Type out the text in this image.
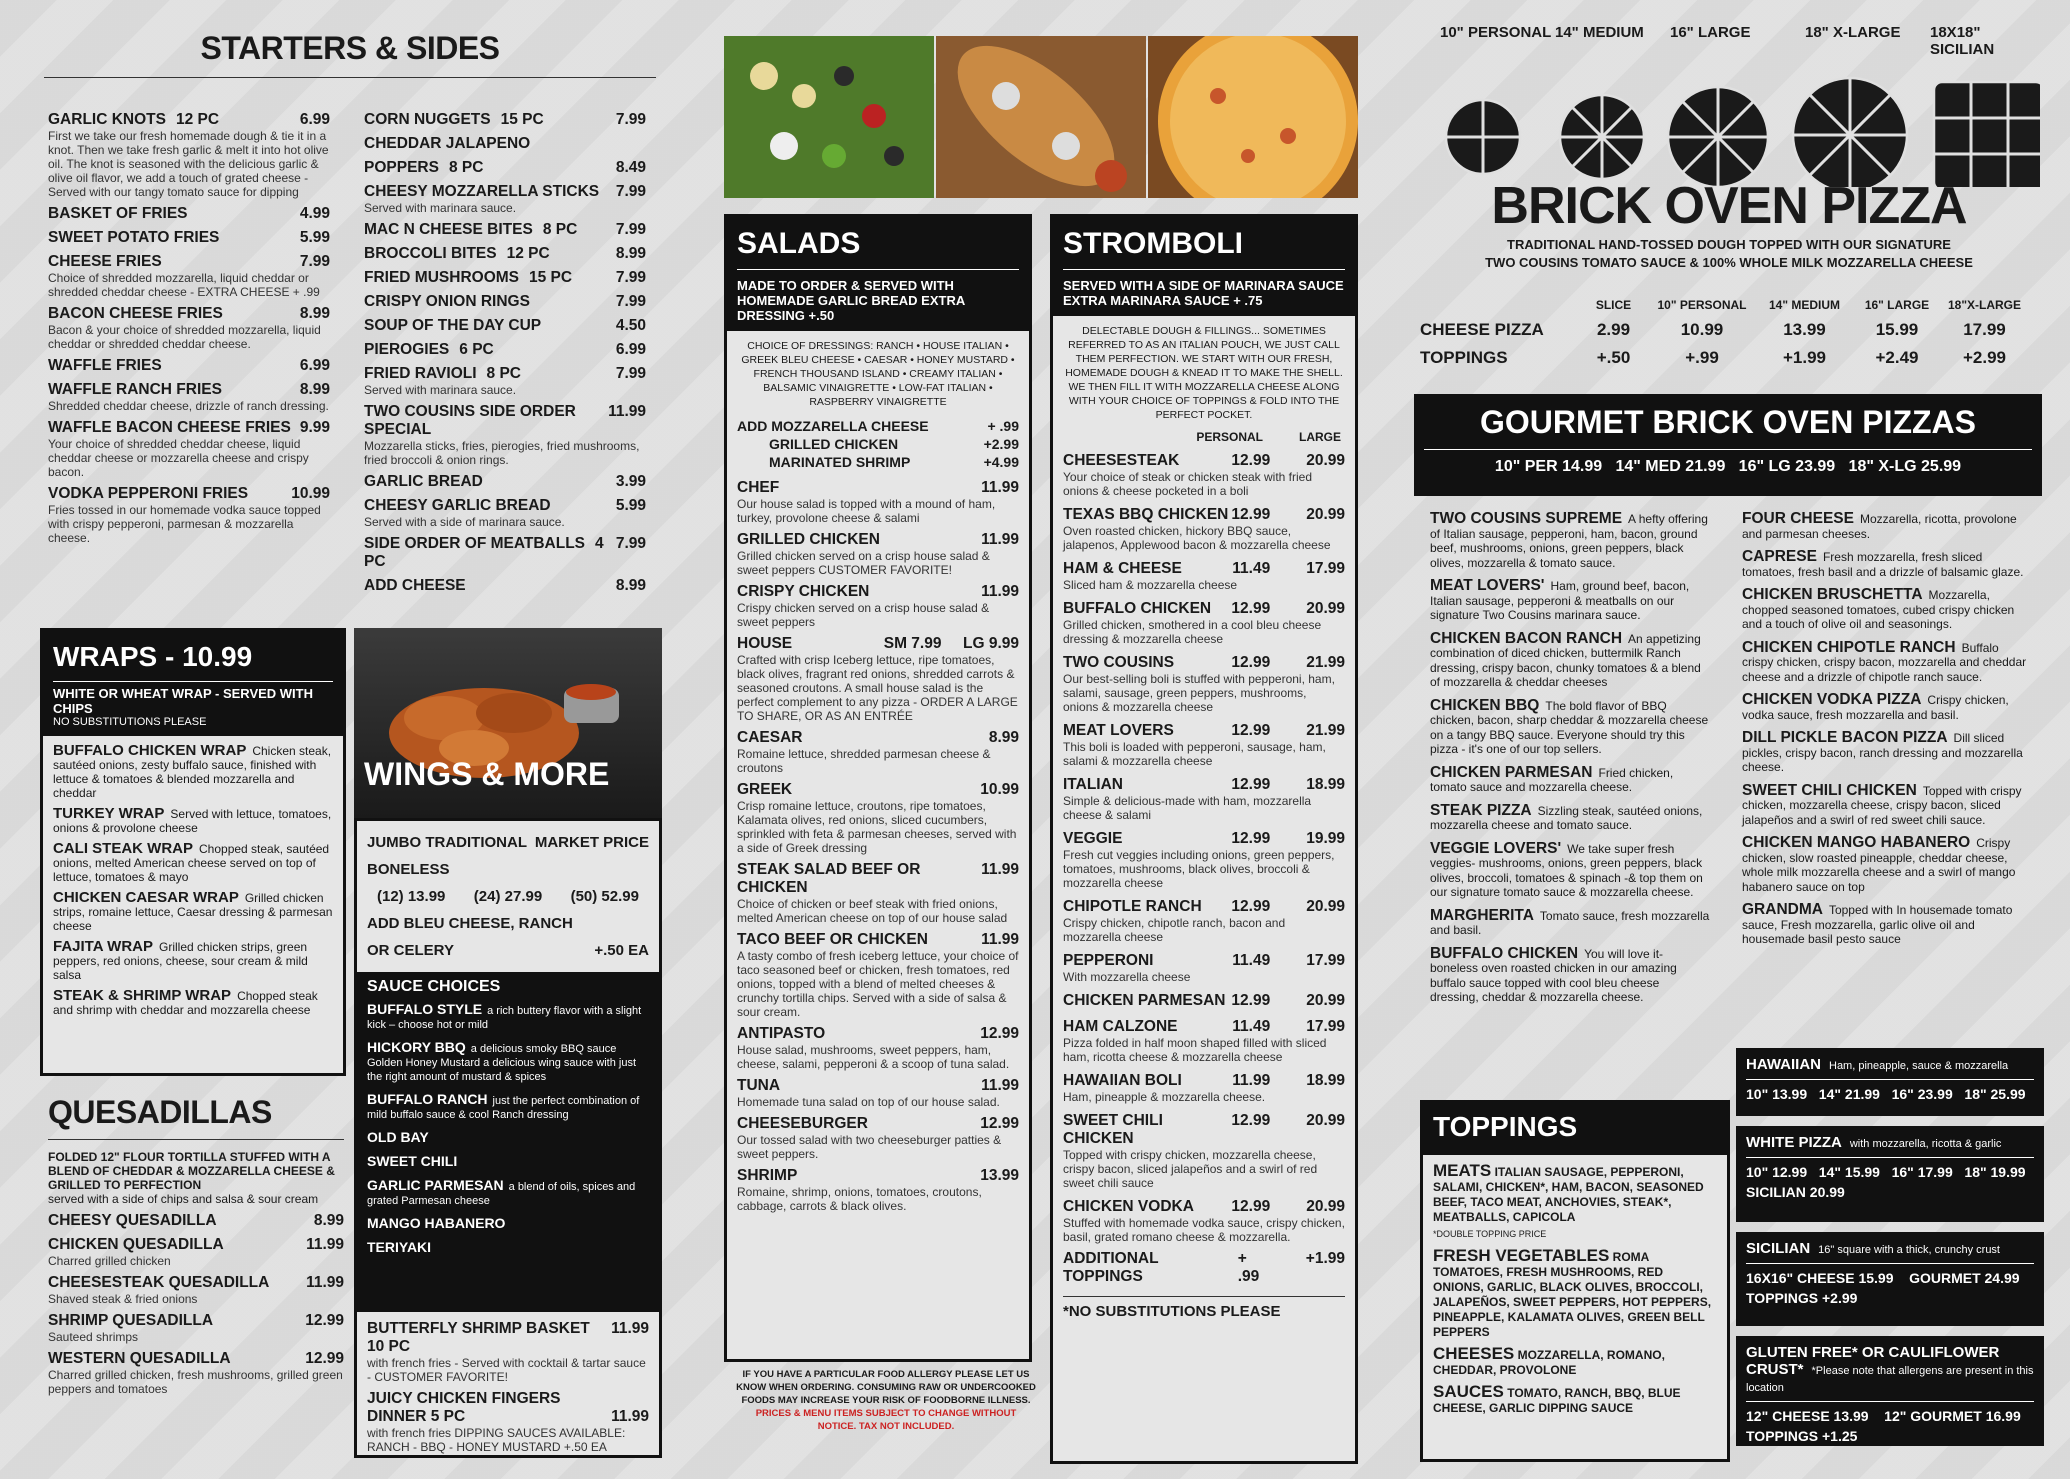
STARTERS & SIDES
GARLIC KNOTS 12 PC	6.99
First we take our fresh homemade dough & tie it in a knot. Then we take fresh garlic & melt it into hot olive oil. The knot is seasoned with the delicious garlic & olive oil flavor, we add a touch of grated cheese - Served with our tangy tomato sauce for dipping
BASKET OF FRIES	4.99
SWEET POTATO FRIES	5.99
CHEESE FRIES	7.99
Choice of shredded mozzarella, liquid cheddar or shredded cheddar cheese - EXTRA CHEESE + .99
BACON CHEESE FRIES	8.99
Bacon & your choice of shredded mozzarella, liquid cheddar or shredded cheddar cheese.
WAFFLE FRIES	6.99
WAFFLE RANCH FRIES	8.99
Shredded cheddar cheese, drizzle of ranch dressing.
WAFFLE BACON CHEESE FRIES 9.99
Your choice of shredded cheddar cheese, liquid cheddar cheese or mozzarella cheese and crispy bacon.
VODKA PEPPERONI FRIES	10.99
Fries tossed in our homemade vodka sauce topped with crispy pepperoni, parmesan & mozzarella cheese.
CORN NUGGETS 15 PC	7.99
CHEDDAR JALAPENO
POPPERS 8 PC	8.49
CHEESY MOZZARELLA STICKS 7.99
Served with marinara sauce.
MAC N CHEESE BITES 8 PC 7.99
BROCCOLI BITES 12 PC	8.99
FRIED MUSHROOMS 15 PC	7.99
CRISPY ONION RINGS	7.99
SOUP OF THE DAY CUP	4.50
PIEROGIES 6 PC	6.99
FRIED RAVIOLI 8 PC	7.99
Served with marinara sauce.
TWO COUSINS SIDE ORDER SPECIAL
11.99
Mozzarella sticks, fries, pierogies, fried mushrooms, fried broccoli & onion rings.
GARLIC BREAD	3.99
CHEESY GARLIC BREAD	5.99
Served with a side of marinara sauce.
SIDE ORDER OF MEATBALLS 4 PC
7.99
ADD CHEESE	8.99
WRAPS - 10.99
WHITE OR WHEAT WRAP - SERVED WITH CHIPS
NO SUBSTITUTIONS PLEASE
BUFFALO CHICKEN WRAP Chicken steak, sautéed onions, zesty buffalo sauce, finished with lettuce & tomatoes & blended mozzarella and cheddar
TURKEY WRAP Served with lettuce, tomatoes, onions & provolone cheese
CALI STEAK WRAP Chopped steak, sautéed onions, melted American cheese served on top of lettuce, tomatoes & mayo
CHICKEN CAESAR WRAP Grilled chicken strips, romaine lettuce, Caesar dressing & parmesan cheese
FAJITA WRAP Grilled chicken strips, green peppers, red onions, cheese, sour cream & mild salsa
STEAK & SHRIMP WRAP Chopped steak and shrimp with cheddar and mozzarella cheese
QUESADILLAS
FOLDED 12" FLOUR TORTILLA STUFFED WITH A BLEND OF CHEDDAR & MOZZARELLA CHEESE & GRILLED TO PERFECTION
served with a side of chips and salsa & sour cream
CHEESY QUESADILLA	8.99
CHICKEN QUESADILLA	11.99
Charred grilled chicken
CHEESESTEAK QUESADILLA 11.99
Shaved steak & fried onions
SHRIMP QUESADILLA	12.99
Sauteed shrimps
WESTERN QUESADILLA	12.99
Charred grilled chicken, fresh mushrooms, grilled green peppers and tomatoes
WINGS & MORE
JUMBO TRADITIONAL MARKET PRICE
BONELESS
(12) 13.99 (24) 27.99 (50) 52.99
ADD BLEU CHEESE, RANCH
OR CELERY	+.50 EA
SAUCE CHOICES
BUFFALO STYLE a rich buttery flavor with a slight kick – choose hot or mild
HICKORY BBQ a delicious smoky BBQ sauce Golden Honey Mustard a delicious wing sauce with just the right amount of mustard & spices
BUFFALO RANCH just the perfect combination of mild buffalo sauce & cool Ranch dressing
OLD BAY
SWEET CHILI
GARLIC PARMESAN a blend of oils, spices and grated Parmesan cheese
MANGO HABANERO
TERIYAKI
BUTTERFLY SHRIMP BASKET 10 PC
11.99
with french fries - Served with cocktail & tartar sauce - CUSTOMER FAVORITE!
JUICY CHICKEN FINGERS
DINNER 5 PC	11.99
with french fries DIPPING SAUCES AVAILABLE: RANCH - BBQ - HONEY MUSTARD +.50 EA
SALADS
MADE TO ORDER & SERVED WITH HOMEMADE GARLIC BREAD EXTRA DRESSING +.50
CHOICE OF DRESSINGS: RANCH • HOUSE ITALIAN • GREEK BLEU CHEESE • CAESAR • HONEY MUSTARD • FRENCH THOUSAND ISLAND • CREAMY ITALIAN • BALSAMIC VINAIGRETTE • LOW-FAT ITALIAN • RASPBERRY VINAIGRETTE
ADD MOZZARELLA CHEESE	+ .99
GRILLED CHICKEN	+2.99
MARINATED SHRIMP	+4.99
CHEF	11.99
Our house salad is topped with a mound of ham, turkey, provolone cheese & salami
GRILLED CHICKEN	11.99
Grilled chicken served on a crisp house salad & sweet peppers CUSTOMER FAVORITE!
CRISPY CHICKEN	11.99
Crispy chicken served on a crisp house salad & sweet peppers
HOUSE	SM 7.99     LG 9.99
Crafted with crisp Iceberg lettuce, ripe tomatoes, black olives, fragrant red onions, shredded carrots & seasoned croutons. A small house salad is the perfect complement to any pizza - ORDER A LARGE TO SHARE, OR AS AN ENTRÉE
CAESAR	8.99
Romaine lettuce, shredded parmesan cheese & croutons
GREEK	10.99
Crisp romaine lettuce, croutons, ripe tomatoes, Kalamata olives, red onions, sliced cucumbers, sprinkled with feta & parmesan cheeses, served with a side of Greek dressing
STEAK SALAD BEEF OR CHICKEN
11.99
Choice of chicken or beef steak with fried onions, melted American cheese on top of our house salad
TACO BEEF OR CHICKEN	11.99
A tasty combo of fresh iceberg lettuce, your choice of taco seasoned beef or chicken, fresh tomatoes, red onions, topped with a blend of melted cheeses & crunchy tortilla chips. Served with a side of salsa & sour cream.
ANTIPASTO	12.99
House salad, mushrooms, sweet peppers, ham, cheese, salami, pepperoni & a scoop of tuna salad.
TUNA	11.99
Homemade tuna salad on top of our house salad.
CHEESEBURGER	12.99
Our tossed salad with two cheeseburger patties & sweet peppers.
SHRIMP	13.99
Romaine, shrimp, onions, tomatoes, croutons, cabbage, carrots & black olives.
IF YOU HAVE A PARTICULAR FOOD ALLERGY PLEASE LET US KNOW WHEN ORDERING. CONSUMING RAW OR UNDERCOOKED FOODS MAY INCREASE YOUR RISK OF FOODBORNE ILLNESS. PRICES & MENU ITEMS SUBJECT TO CHANGE WITHOUT NOTICE. TAX NOT INCLUDED.
STROMBOLI
SERVED WITH A SIDE OF MARINARA SAUCE EXTRA MARINARA SAUCE + .75
DELECTABLE DOUGH & FILLINGS... SOMETIMES REFERRED TO AS AN ITALIAN POUCH, WE JUST CALL THEM PERFECTION. WE START WITH OUR FRESH, HOMEMADE DOUGH & KNEAD IT TO MAKE THE SHELL. WE THEN FILL IT WITH MOZZARELLA CHEESE ALONG WITH YOUR CHOICE OF TOPPINGS & FOLD INTO THE PERFECT POCKET.
PERSONAL	LARGE
CHEESESTEAK	12.99 20.99
Your choice of steak or chicken steak with fried onions & cheese pocketed in a boli
TEXAS BBQ CHICKEN 12.99 20.99
Oven roasted chicken, hickory BBQ sauce, jalapenos, Applewood bacon & mozzarella cheese
HAM & CHEESE	11.49 17.99
Sliced ham & mozzarella cheese
BUFFALO CHICKEN 12.99 20.99
Grilled chicken, smothered in a cool bleu cheese dressing & mozzarella cheese
TWO COUSINS	12.99 21.99
Our best-selling boli is stuffed with pepperoni, ham, salami, sausage, green peppers, mushrooms, onions & mozzarella cheese
MEAT LOVERS	12.99 21.99
This boli is loaded with pepperoni, sausage, ham, salami & mozzarella cheese
ITALIAN	12.99 18.99
Simple & delicious-made with ham, mozzarella cheese & salami
VEGGIE	12.99 19.99
Fresh cut veggies including onions, green peppers, tomatoes, mushrooms, black olives, broccoli & mozzarella cheese
CHIPOTLE RANCH 12.99 20.99
Crispy chicken, chipotle ranch, bacon and mozzarella cheese
PEPPERONI	11.49 17.99
With mozzarella cheese
CHICKEN PARMESAN 12.99 20.99
HAM CALZONE	11.49 17.99
Pizza folded in half moon shaped filled with sliced ham, ricotta cheese & mozzarella cheese
HAWAIIAN BOLI	11.99 18.99
Ham, pineapple & mozzarella cheese.
SWEET CHILI CHICKEN
12.99 20.99
Topped with crispy chicken, mozzarella cheese, crispy bacon, sliced jalapeños and a swirl of red sweet chili sauce
CHICKEN VODKA 12.99 20.99
Stuffed with homemade vodka sauce, crispy chicken, basil, grated romano cheese & mozzarella.
ADDITIONAL TOPPINGS
+ .99
+1.99
*NO SUBSTITUTIONS PLEASE
10" PERSONAL 14" MEDIUM 16" LARGE	18" X-LARGE 18X18" SICILIAN
BRICK OVEN PIZZA
TRADITIONAL HAND-TOSSED DOUGH TOPPED WITH OUR SIGNATURE
TWO COUSINS TOMATO SAUCE & 100% WHOLE MILK MOZZARELLA CHEESE
SLICE	10" PERSONAL	14" MEDIUM	16" LARGE	18"X-LARGE
CHEESE PIZZA	2.99	10.99	13.99	15.99	17.99
TOPPINGS	+.50	+.99	+1.99	+2.49	+2.99
GOURMET BRICK OVEN PIZZAS
10" PER 14.99   14" MED 21.99   16" LG 23.99   18" X-LG 25.99
TWO COUSINS SUPREME A hefty offering of Italian sausage, pepperoni, ham, bacon, ground beef, mushrooms, onions, green peppers, black olives, mozzarella & tomato sauce.
MEAT LOVERS' Ham, ground beef, bacon, Italian sausage, pepperoni & meatballs on our signature Two Cousins marinara sauce.
CHICKEN BACON RANCH An appetizing combination of diced chicken, buttermilk Ranch dressing, crispy bacon, chunky tomatoes & a blend of mozzarella & cheddar cheeses
CHICKEN BBQ The bold flavor of BBQ chicken, bacon, sharp cheddar & mozzarella cheese on a tangy BBQ sauce. Everyone should try this pizza - it's one of our top sellers.
CHICKEN PARMESAN Fried chicken, tomato sauce and mozzarella cheese.
STEAK PIZZA Sizzling steak, sautéed onions, mozzarella cheese and tomato sauce.
VEGGIE LOVERS' We take super fresh veggies- mushrooms, onions, green peppers, black olives, broccoli, tomatoes & spinach -& top them on our signature tomato sauce & mozzarella cheese.
MARGHERITA Tomato sauce, fresh mozzarella and basil.
BUFFALO CHICKEN You will love it- boneless oven roasted chicken in our amazing buffalo sauce topped with cool bleu cheese dressing, cheddar & mozzarella cheese.
FOUR CHEESE Mozzarella, ricotta, provolone and parmesan cheeses.
CAPRESE Fresh mozzarella, fresh sliced tomatoes, fresh basil and a drizzle of balsamic glaze.
CHICKEN BRUSCHETTA Mozzarella, chopped seasoned tomatoes, cubed crispy chicken and a touch of olive oil and seasonings.
CHICKEN CHIPOTLE RANCH Buffalo crispy chicken, crispy bacon, mozzarella and cheddar cheese and a drizzle of chipotle ranch sauce.
CHICKEN VODKA PIZZA Crispy chicken, vodka sauce, fresh mozzarella and basil.
DILL PICKLE BACON PIZZA Dill sliced pickles, crispy bacon, ranch dressing and mozzarella cheese.
SWEET CHILI CHICKEN Topped with crispy chicken, mozzarella cheese, crispy bacon, sliced jalapeños and a swirl of red sweet chili sauce.
CHICKEN MANGO HABANERO Crispy chicken, slow roasted pineapple, cheddar cheese, whole milk mozzarella cheese and a swirl of mango habanero sauce on top
GRANDMA Topped with In housemade tomato sauce, Fresh mozzarella, garlic olive oil and housemade basil pesto sauce
TOPPINGS
MEATS ITALIAN SAUSAGE, PEPPERONI, SALAMI, CHICKEN*, HAM, BACON, SEASONED BEEF, TACO MEAT, ANCHOVIES, STEAK*, MEATBALLS, CAPICOLA
*DOUBLE TOPPING PRICE
FRESH VEGETABLES ROMA TOMATOES, FRESH MUSHROOMS, RED ONIONS, GARLIC, BLACK OLIVES, BROCCOLI, JALAPEÑOS, SWEET PEPPERS, HOT PEPPERS, PINEAPPLE, KALAMATA OLIVES, GREEN BELL PEPPERS
CHEESES MOZZARELLA, ROMANO, CHEDDAR, PROVOLONE
SAUCES TOMATO, RANCH, BBQ, BLUE CHEESE, GARLIC DIPPING SAUCE
HAWAIIAN Ham, pineapple, sauce & mozzarella
10" 13.99   14" 21.99   16" 23.99   18" 25.99
WHITE PIZZA with mozzarella, ricotta & garlic
10" 12.99   14" 15.99   16" 17.99   18" 19.99
SICILIAN 20.99
SICILIAN 16" square with a thick, crunchy crust
16X16" CHEESE 15.99    GOURMET 24.99
TOPPINGS +2.99
GLUTEN FREE* OR CAULIFLOWER CRUST* *Please note that allergens are present in this location
12" CHEESE 13.99    12" GOURMET 16.99
TOPPINGS +1.25
